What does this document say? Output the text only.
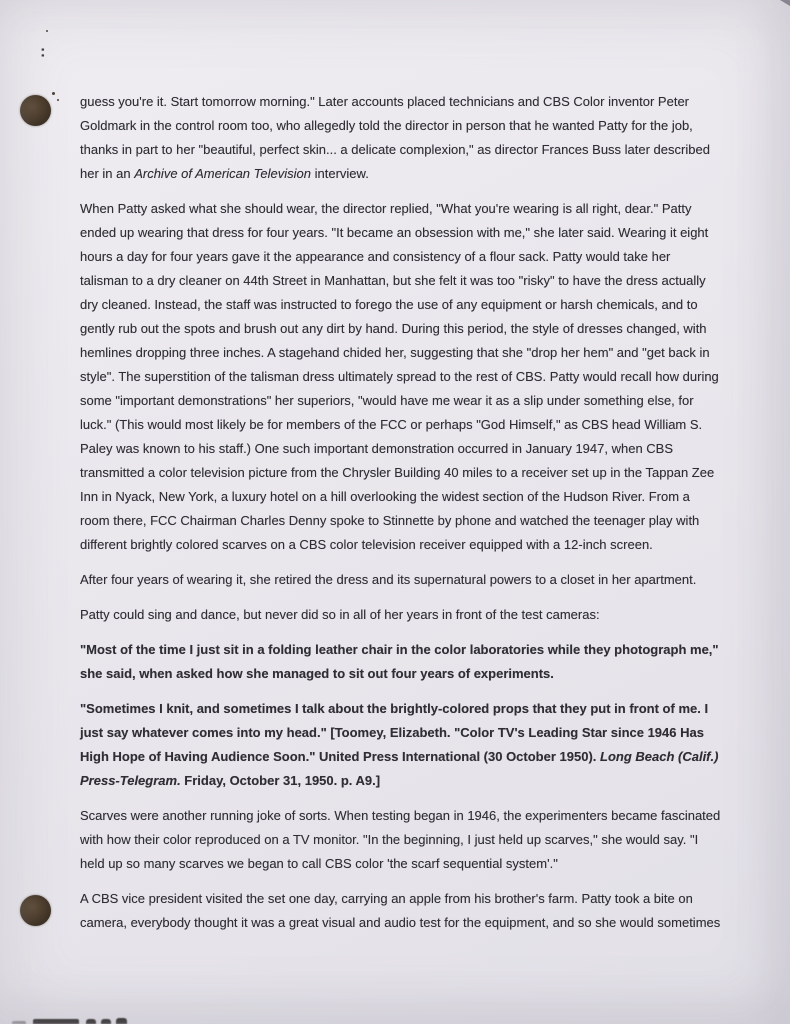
:

guess you're it. Start tomorrow morning." Later accounts placed technicians and CBS Color inventor Peter Goldmark in the control room too, who allegedly told the director in person that he wanted Patty for the job, thanks in part to her "beautiful, perfect skin... a delicate complexion," as director Frances Buss later described her in an Archive of American Television interview.

When Patty asked what she should wear, the director replied, "What you're wearing is all right, dear." Patty ended up wearing that dress for four years. "It became an obsession with me," she later said. Wearing it eight hours a day for four years gave it the appearance and consistency of a flour sack. Patty would take her talisman to a dry cleaner on 44th Street in Manhattan, but she felt it was too "risky" to have the dress actually dry cleaned. Instead, the staff was instructed to forego the use of any equipment or harsh chemicals, and to gently rub out the spots and brush out any dirt by hand. During this period, the style of dresses changed, with hemlines dropping three inches. A stagehand chided her, suggesting that she "drop her hem" and "get back in style". The superstition of the talisman dress ultimately spread to the rest of CBS. Patty would recall how during some "important demonstrations" her superiors, "would have me wear it as a slip under something else, for luck." (This would most likely be for members of the FCC or perhaps "God Himself," as CBS head William S. Paley was known to his staff.) One such important demonstration occurred in January 1947, when CBS transmitted a color television picture from the Chrysler Building 40 miles to a receiver set up in the Tappan Zee Inn in Nyack, New York, a luxury hotel on a hill overlooking the widest section of the Hudson River. From a room there, FCC Chairman Charles Denny spoke to Stinnette by phone and watched the teenager play with different brightly colored scarves on a CBS color television receiver equipped with a 12-inch screen.

After four years of wearing it, she retired the dress and its supernatural powers to a closet in her apartment.

Patty could sing and dance, but never did so in all of her years in front of the test cameras:

"Most of the time I just sit in a folding leather chair in the color laboratories while they photograph me," she said, when asked how she managed to sit out four years of experiments.

"Sometimes I knit, and sometimes I talk about the brightly-colored props that they put in front of me. I just say whatever comes into my head." [Toomey, Elizabeth. "Color TV's Leading Star since 1946 Has High Hope of Having Audience Soon." United Press International (30 October 1950). Long Beach (Calif.) Press-Telegram. Friday, October 31, 1950. p. A9.]

Scarves were another running joke of sorts. When testing began in 1946, the experimenters became fascinated with how their color reproduced on a TV monitor. "In the beginning, I just held up scarves," she would say. "I held up so many scarves we began to call CBS color 'the scarf sequential system'."

A CBS vice president visited the set one day, carrying an apple from his brother's farm. Patty took a bite on camera, everybody thought it was a great visual and audio test for the equipment, and so she would sometimes
